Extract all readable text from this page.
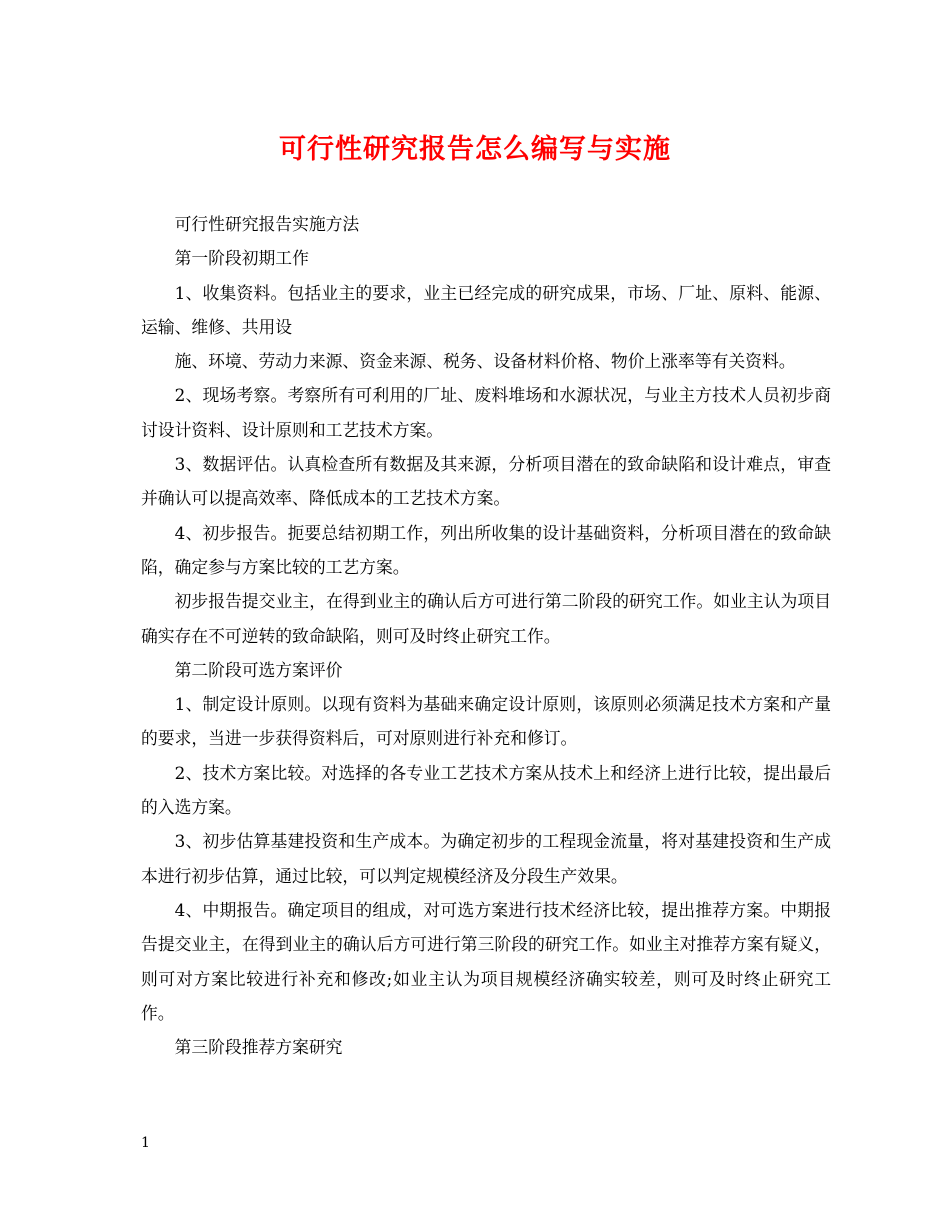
可行性研究报告怎么编写与实施

可行性研究报告实施方法

第一阶段初期工作

1、收集资料。包括业主的要求，业主已经完成的研究成果，市场、厂址、原料、能源、运输、维修、共用设

施、环境、劳动力来源、资金来源、税务、设备材料价格、物价上涨率等有关资料。

2、现场考察。考察所有可利用的厂址、废料堆场和水源状况，与业主方技术人员初步商讨设计资料、设计原则和工艺技术方案。

3、数据评估。认真检查所有数据及其来源，分析项目潜在的致命缺陷和设计难点，审查并确认可以提高效率、降低成本的工艺技术方案。

4、初步报告。扼要总结初期工作，列出所收集的设计基础资料，分析项目潜在的致命缺陷，确定参与方案比较的工艺方案。

初步报告提交业主，在得到业主的确认后方可进行第二阶段的研究工作。如业主认为项目确实存在不可逆转的致命缺陷，则可及时终止研究工作。

第二阶段可选方案评价

1、制定设计原则。以现有资料为基础来确定设计原则，该原则必须满足技术方案和产量的要求，当进一步获得资料后，可对原则进行补充和修订。

2、技术方案比较。对选择的各专业工艺技术方案从技术上和经济上进行比较，提出最后的入选方案。

3、初步估算基建投资和生产成本。为确定初步的工程现金流量，将对基建投资和生产成本进行初步估算，通过比较，可以判定规模经济及分段生产效果。

4、中期报告。确定项目的组成，对可选方案进行技术经济比较，提出推荐方案。中期报告提交业主，在得到业主的确认后方可进行第三阶段的研究工作。如业主对推荐方案有疑义，则可对方案比较进行补充和修改;如业主认为项目规模经济确实较差，则可及时终止研究工作。

第三阶段推荐方案研究

1
